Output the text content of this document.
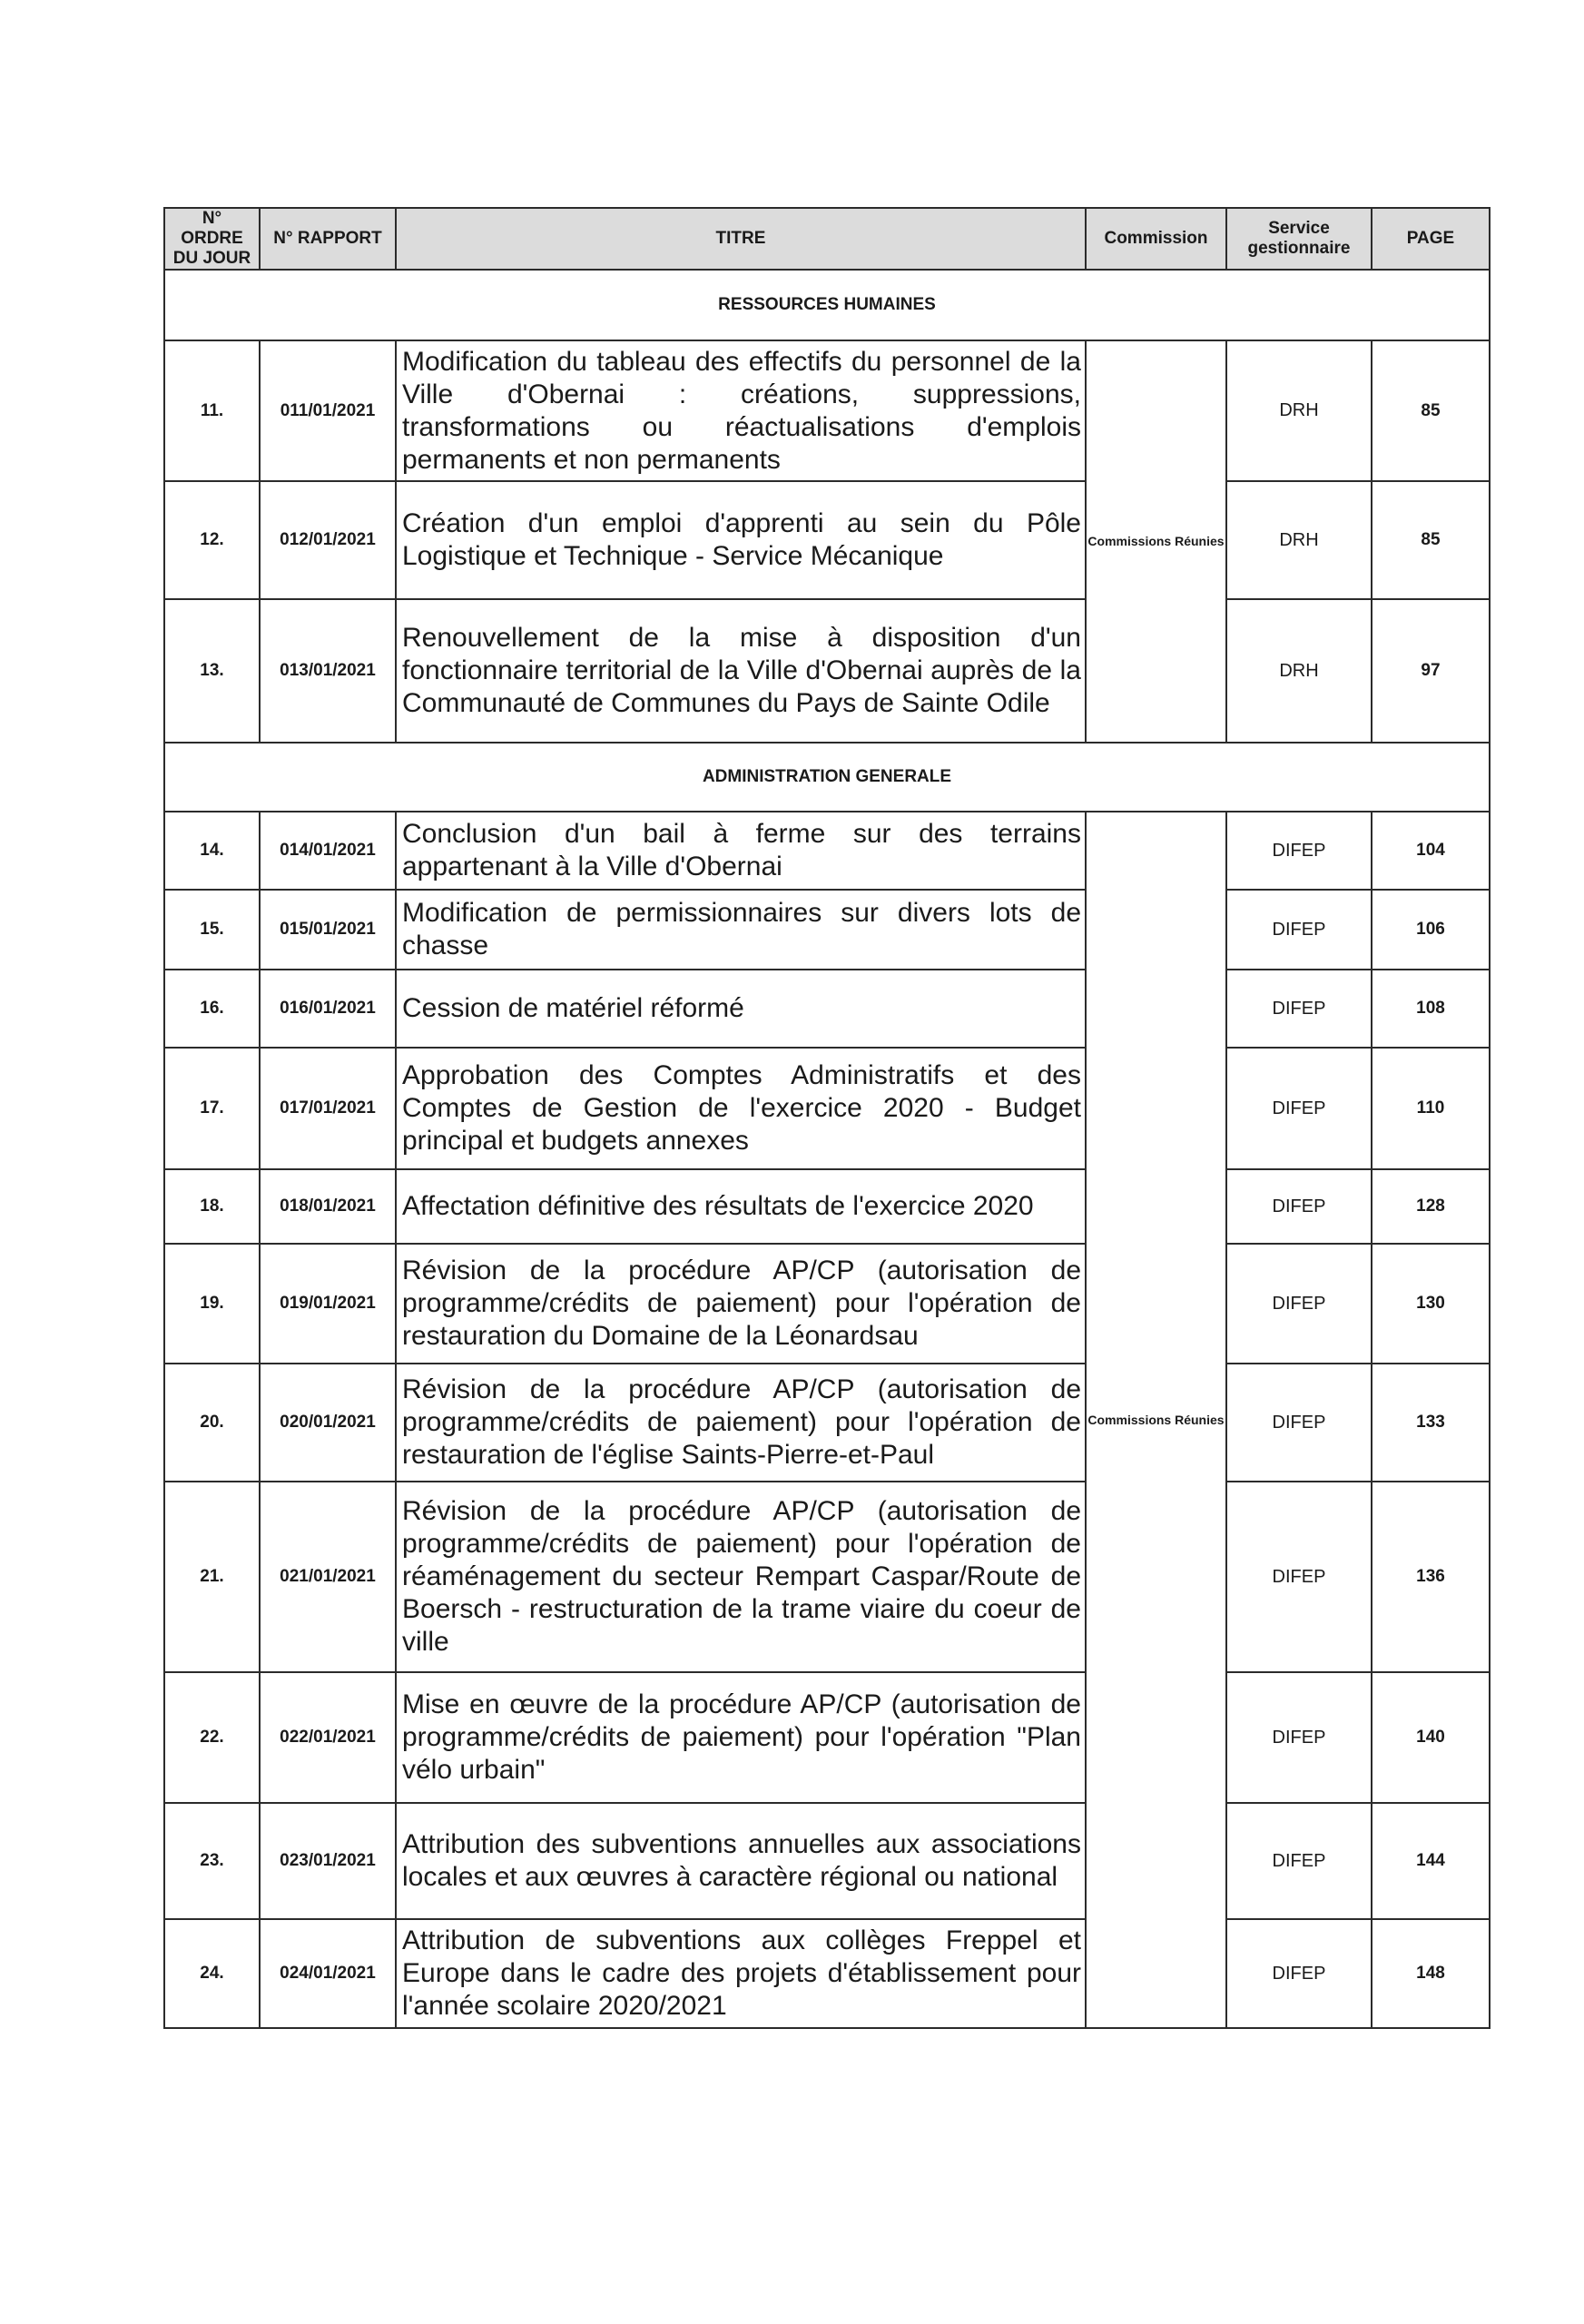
N° ORDRE DU JOUR	N° RAPPORT	TITRE	Commission	Service gestionnaire	PAGE
RESSOURCES HUMAINES					
11.	011/01/2021	Modification du tableau des effectifs du personnel de la Ville d'Obernai : créations, suppressions, transformations ou réactualisations d'emplois permanents et non permanents	Commissions Réunies	DRH	85
12.	012/01/2021	Création d'un emploi d'apprenti au sein du Pôle Logistique et Technique - Service Mécanique		DRH	85
13.	013/01/2021	Renouvellement de la mise à disposition d'un fonctionnaire territorial de la Ville d'Obernai auprès de la Communauté de Communes du Pays de Sainte Odile		DRH	97
ADMINISTRATION GENERALE					
14.	014/01/2021	Conclusion d'un bail à ferme sur des terrains appartenant à la Ville d'Obernai	Commissions Réunies	DIFEP	104
15.	015/01/2021	Modification de permissionnaires sur divers lots de chasse		DIFEP	106
16.	016/01/2021	Cession de matériel réformé		DIFEP	108
17.	017/01/2021	Approbation des Comptes Administratifs et des Comptes de Gestion de l'exercice 2020 - Budget principal et budgets annexes		DIFEP	110
18.	018/01/2021	Affectation définitive des résultats de l'exercice 2020		DIFEP	128
19.	019/01/2021	Révision de la procédure AP/CP (autorisation de programme/crédits de paiement) pour l'opération de restauration du Domaine de la Léonardsau		DIFEP	130
20.	020/01/2021	Révision de la procédure AP/CP (autorisation de programme/crédits de paiement) pour l'opération de restauration de l'église Saints-Pierre-et-Paul		DIFEP	133
21.	021/01/2021	Révision de la procédure AP/CP (autorisation de programme/crédits de paiement) pour l'opération de réaménagement du secteur Rempart Caspar/Route de Boersch - restructuration de la trame viaire du coeur de ville		DIFEP	136
22.	022/01/2021	Mise en œuvre de la procédure AP/CP (autorisation de programme/crédits de paiement) pour l'opération "Plan vélo urbain"		DIFEP	140
23.	023/01/2021	Attribution des subventions annuelles aux associations locales et aux œuvres à caractère régional ou national		DIFEP	144
24.	024/01/2021	Attribution de subventions aux collèges Freppel et Europe dans le cadre des projets d'établissement pour l'année scolaire 2020/2021		DIFEP	148
